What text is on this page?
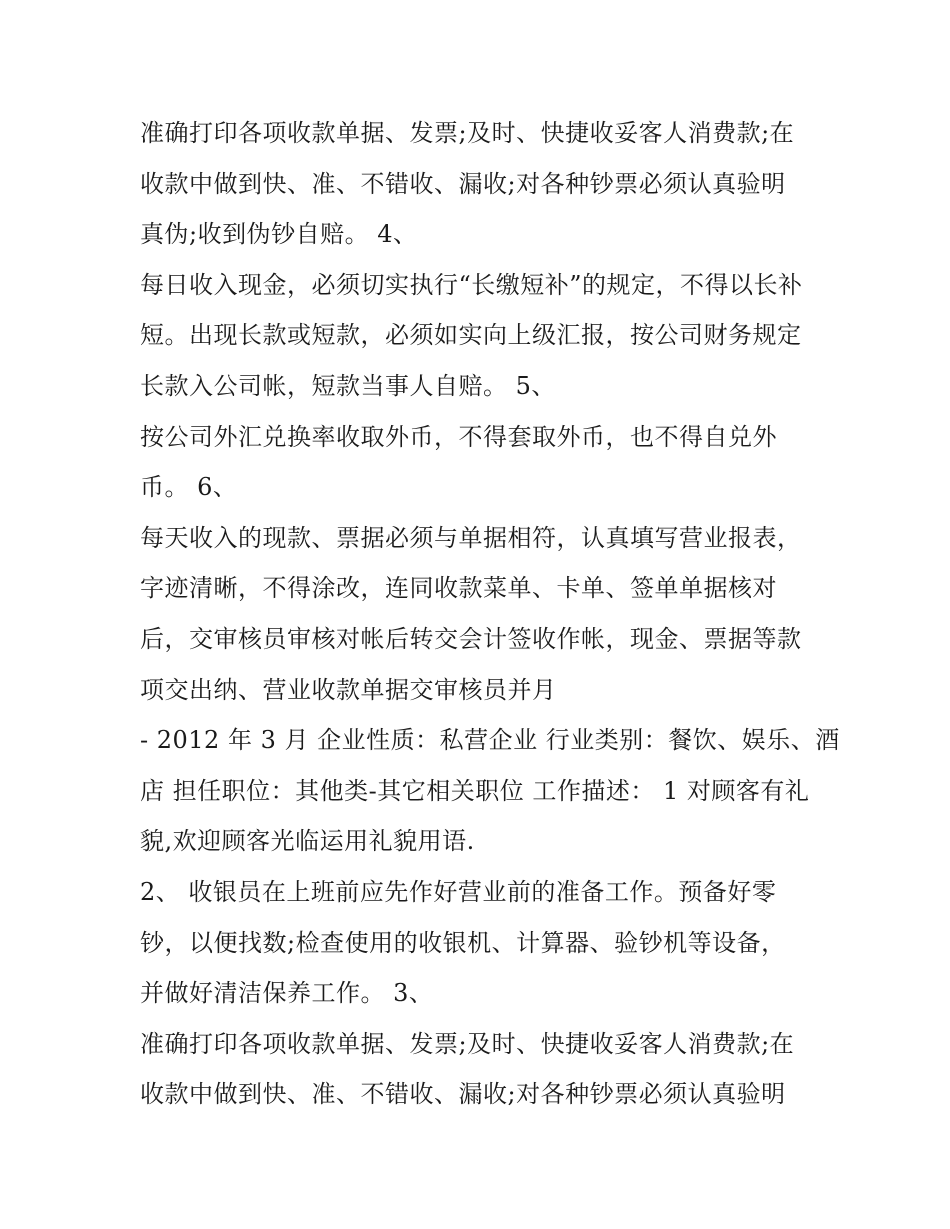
准确打印各项收款单据、发票;及时、快捷收妥客人消费款;在
收款中做到快、准、不错收、漏收;对各种钞票必须认真验明
真伪;收到伪钞自赔。 4、
每日收入现金，必须切实执行“长缴短补”的规定，不得以长补
短。出现长款或短款，必须如实向上级汇报，按公司财务规定
长款入公司帐，短款当事人自赔。 5、
按公司外汇兑换率收取外币，不得套取外币，也不得自兑外
币。 6、
每天收入的现款、票据必须与单据相符，认真填写营业报表，
字迹清晰，不得涂改，连同收款菜单、卡单、签单单据核对
后，交审核员审核对帐后转交会计签收作帐，现金、票据等款
项交出纳、营业收款单据交审核员并月
- 2012 年 3 月 企业性质：私营企业 行业类别：餐饮、娱乐、酒
店 担任职位：其他类-其它相关职位 工作描述： 1 对顾客有礼
貌,欢迎顾客光临运用礼貌用语.
2、 收银员在上班前应先作好营业前的准备工作。预备好零
钞，以便找数;检查使用的收银机、计算器、验钞机等设备，
并做好清洁保养工作。 3、
准确打印各项收款单据、发票;及时、快捷收妥客人消费款;在
收款中做到快、准、不错收、漏收;对各种钞票必须认真验明
